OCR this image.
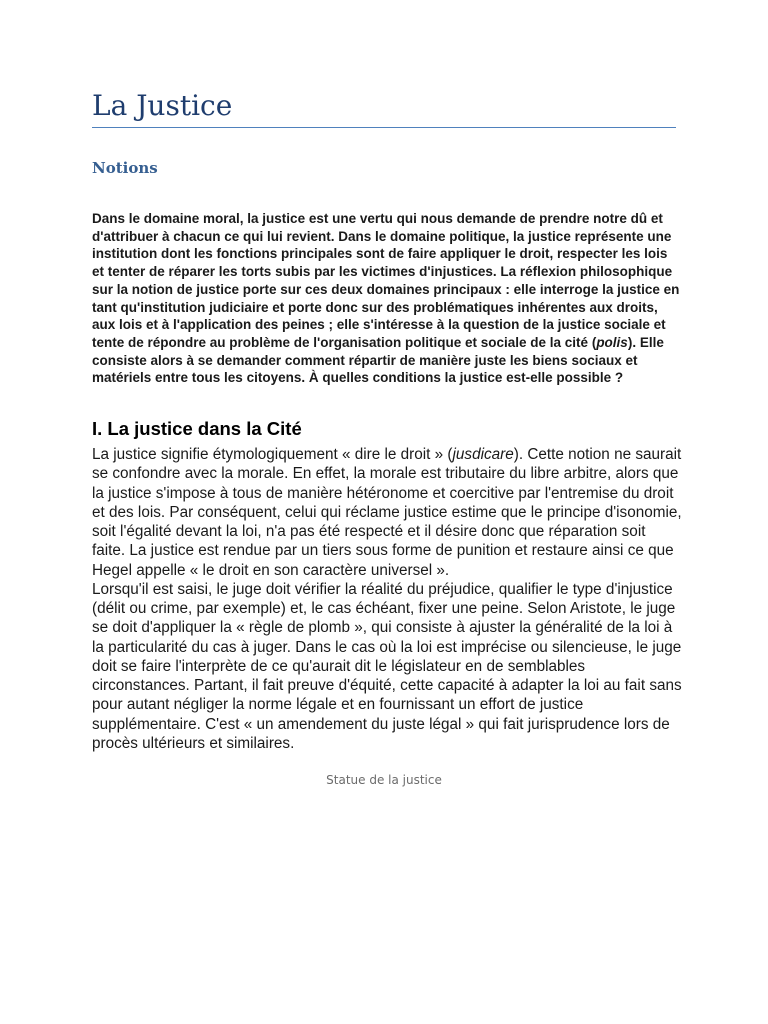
La Justice
Notions

Dans le domaine moral, la justice est une vertu qui nous demande de prendre notre dû et d'attribuer à chacun ce qui lui revient. Dans le domaine politique, la justice représente une institution dont les fonctions principales sont de faire appliquer le droit, respecter les lois et tenter de réparer les torts subis par les victimes d'injustices. La réflexion philosophique sur la notion de justice porte sur ces deux domaines principaux : elle interroge la justice en tant qu'institution judiciaire et porte donc sur des problématiques inhérentes aux droits, aux lois et à l'application des peines ; elle s'intéresse à la question de la justice sociale et tente de répondre au problème de l'organisation politique et sociale de la cité (polis). Elle consiste alors à se demander comment répartir de manière juste les biens sociaux et matériels entre tous les citoyens. À quelles conditions la justice est-elle possible ?

I. La justice dans la Cité

La justice signifie étymologiquement « dire le droit » (jusdicare). Cette notion ne saurait se confondre avec la morale. En effet, la morale est tributaire du libre arbitre, alors que la justice s'impose à tous de manière hétéronome et coercitive par l'entremise du droit et des lois. Par conséquent, celui qui réclame justice estime que le principe d'isonomie, soit l'égalité devant la loi, n'a pas été respecté et il désire donc que réparation soit faite. La justice est rendue par un tiers sous forme de punition et restaure ainsi ce que Hegel appelle « le droit en son caractère universel ».
Lorsqu'il est saisi, le juge doit vérifier la réalité du préjudice, qualifier le type d'injustice (délit ou crime, par exemple) et, le cas échéant, fixer une peine. Selon Aristote, le juge se doit d'appliquer la « règle de plomb », qui consiste à ajuster la généralité de la loi à la particularité du cas à juger. Dans le cas où la loi est imprécise ou silencieuse, le juge doit se faire l'interprète de ce qu'aurait dit le législateur en de semblables circonstances. Partant, il fait preuve d'équité, cette capacité à adapter la loi au fait sans pour autant négliger la norme légale et en fournissant un effort de justice supplémentaire. C'est « un amendement du juste légal » qui fait jurisprudence lors de procès ultérieurs et similaires.

Statue de la justice
